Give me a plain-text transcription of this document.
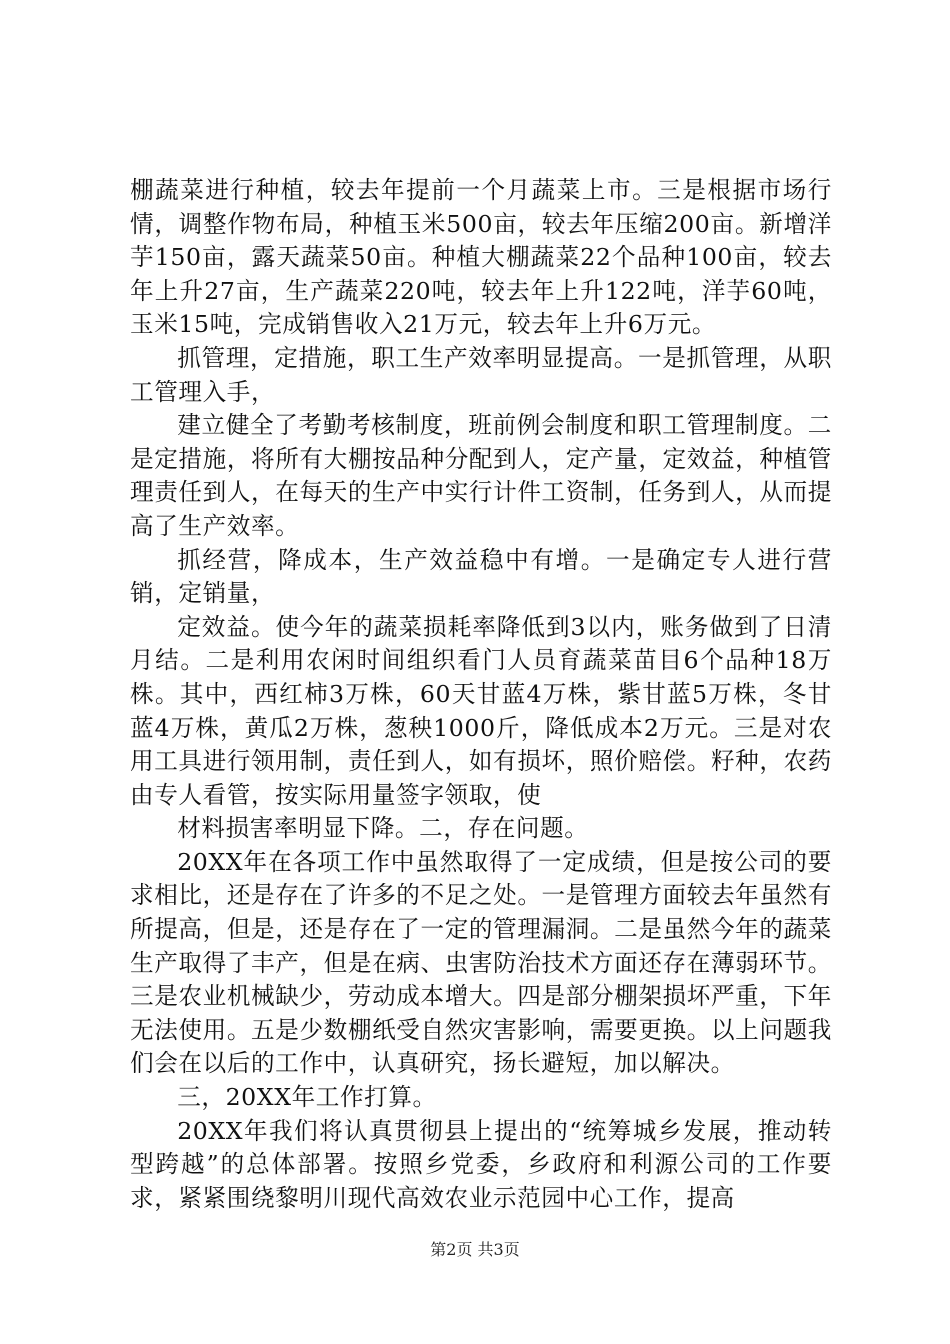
棚蔬菜进行种植，较去年提前一个月蔬菜上市。三是根据市场行情，调整作物布局，种植玉米500亩，较去年压缩200亩。新增洋芋150亩，露天蔬菜50亩。种植大棚蔬菜22个品种100亩，较去年上升27亩，生产蔬菜220吨，较去年上升122吨，洋芋60吨，玉米15吨，完成销售收入21万元，较去年上升6万元。

抓管理，定措施，职工生产效率明显提高。一是抓管理，从职工管理入手，

建立健全了考勤考核制度，班前例会制度和职工管理制度。二是定措施，将所有大棚按品种分配到人，定产量，定效益，种植管理责任到人，在每天的生产中实行计件工资制，任务到人，从而提高了生产效率。

抓经营，降成本，生产效益稳中有增。一是确定专人进行营销，定销量，

定效益。使今年的蔬菜损耗率降低到3以内，账务做到了日清月结。二是利用农闲时间组织看门人员育蔬菜苗目6个品种18万株。其中，西红柿3万株，60天甘蓝4万株，紫甘蓝5万株，冬甘蓝4万株，黄瓜2万株，葱秧1000斤，降低成本2万元。三是对农用工具进行领用制，责任到人，如有损坏，照价赔偿。籽种，农药由专人看管，按实际用量签字领取，使

材料损害率明显下降。二，存在问题。

20XX年在各项工作中虽然取得了一定成绩，但是按公司的要求相比，还是存在了许多的不足之处。一是管理方面较去年虽然有所提高，但是，还是存在了一定的管理漏洞。二是虽然今年的蔬菜生产取得了丰产，但是在病、虫害防治技术方面还存在薄弱环节。三是农业机械缺少，劳动成本增大。四是部分棚架损坏严重，下年无法使用。五是少数棚纸受自然灾害影响，需要更换。以上问题我们会在以后的工作中，认真研究，扬长避短，加以解决。

三，20XX年工作打算。

20XX年我们将认真贯彻县上提出的“统筹城乡发展，推动转型跨越”的总体部署。按照乡党委，乡政府和利源公司的工作要求，紧紧围绕黎明川现代高效农业示范园中心工作，提高

第2页 共3页
